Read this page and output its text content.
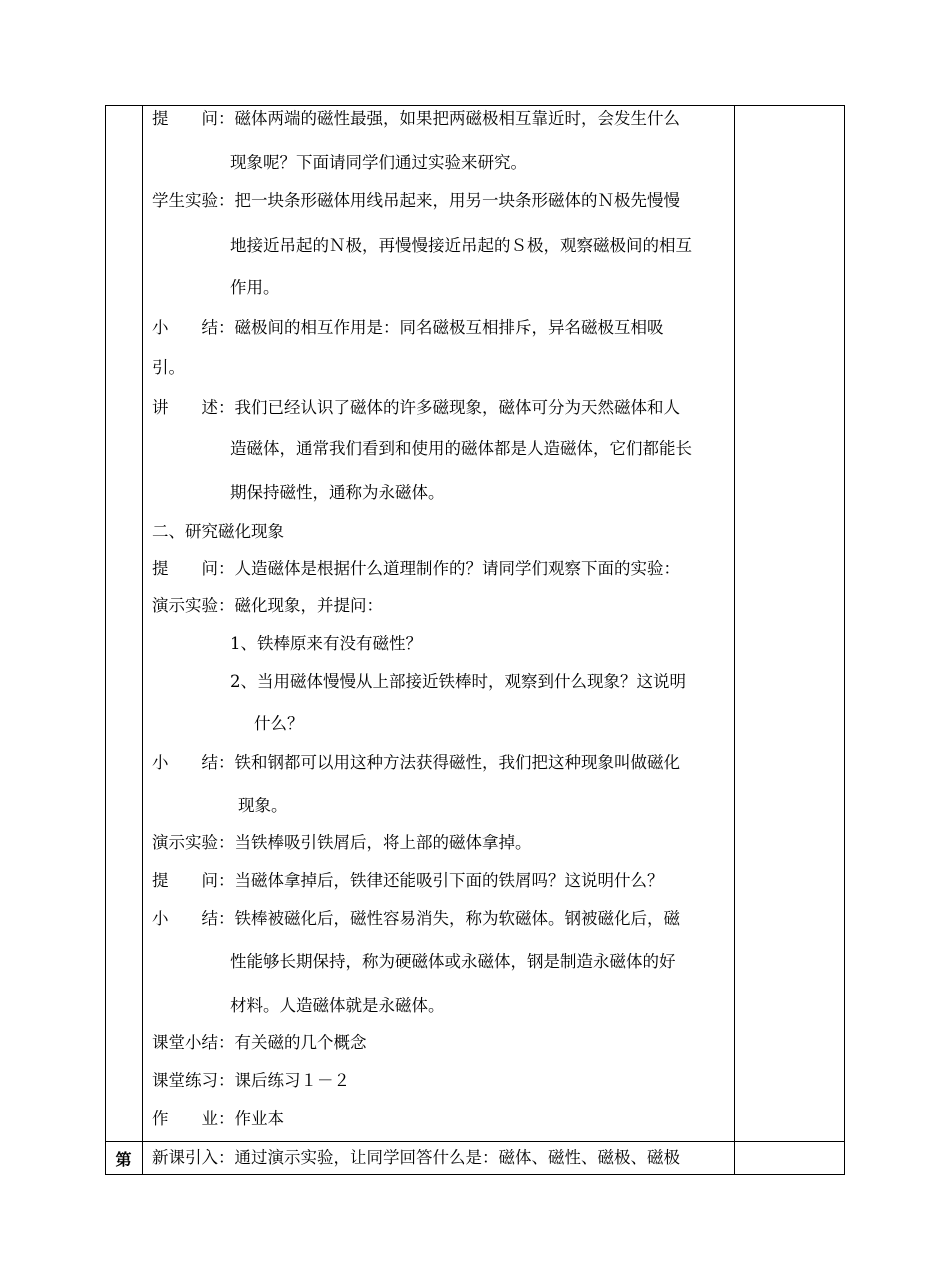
提　　问：磁体两端的磁性最强，如果把两磁极相互靠近时，会发生什么
现象呢？下面请同学们通过实验来研究。
学生实验：把一块条形磁体用线吊起来，用另一块条形磁体的Ｎ极先慢慢
地接近吊起的Ｎ极，再慢慢接近吊起的Ｓ极，观察磁极间的相互
作用。
小　　结：磁极间的相互作用是：同名磁极互相排斥，异名磁极互相吸
引。
讲　　述：我们已经认识了磁体的许多磁现象，磁体可分为天然磁体和人
造磁体，通常我们看到和使用的磁体都是人造磁体，它们都能长
期保持磁性，通称为永磁体。
二、研究磁化现象
提　　问：人造磁体是根据什么道理制作的？请同学们观察下面的实验：
演示实验：磁化现象，并提问：
1、铁棒原来有没有磁性？
2、当用磁体慢慢从上部接近铁棒时，观察到什么现象？这说明
什么？
小　　结：铁和钢都可以用这种方法获得磁性，我们把这种现象叫做磁化
现象。
演示实验：当铁棒吸引铁屑后，将上部的磁体拿掉。
提　　问：当磁体拿掉后，铁律还能吸引下面的铁屑吗？这说明什么？
小　　结：铁棒被磁化后，磁性容易消失，称为软磁体。钢被磁化后，磁
性能够长期保持，称为硬磁体或永磁体，钢是制造永磁体的好
材料。人造磁体就是永磁体。
课堂小结：有关磁的几个概念
课堂练习：课后练习１－２
作　　业：作业本
第	新课引入：通过演示实验，让同学回答什么是：磁体、磁性、磁极、磁极
